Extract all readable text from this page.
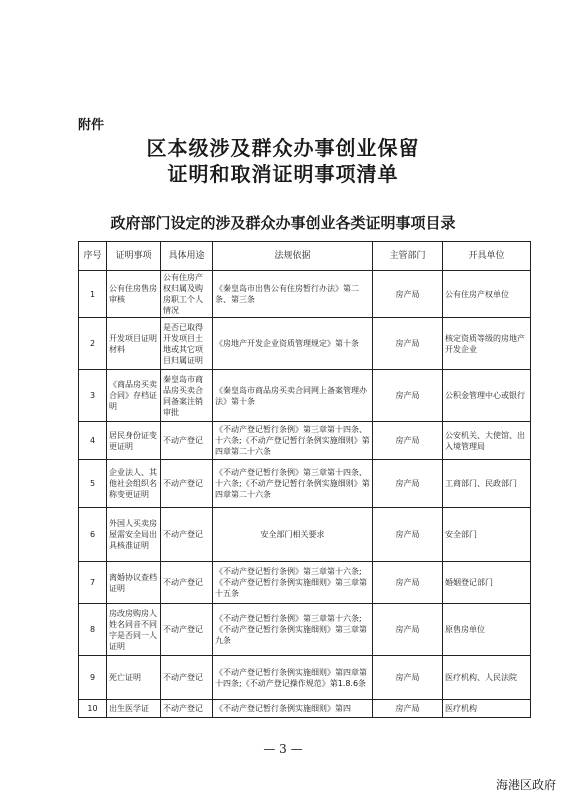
附件
区本级涉及群众办事创业保留
证明和取消证明事项清单
政府部门设定的涉及群众办事创业各类证明事项目录
序号	证明事项	具体用途	法规依据	主管部门	开具单位
1	公有住房售房审核	公有住房产权归属及购房职工个人情况	《秦皇岛市出售公有住房暂行办法》第二条、第三条	房产局	公有住房产权单位
2	开发项目证明材料	是否已取得开发项目土地或其它项目归属证明	《房地产开发企业资质管理规定》第十条	房产局	核定资质等级的房地产开发企业
3	《商品房买卖合同》存档证明	秦皇岛市商品房买卖合同备案注销审批	《秦皇岛市商品房买卖合同网上备案管理办法》第十条	房产局	公积金管理中心或银行
4	居民身份证变更证明	不动产登记	《不动产登记暂行条例》第三章第十四条、十六条;《不动产登记暂行条例实施细则》第四章第二十六条	房产局	公安机关、大使馆、出入境管理局
5	企业法人、其他社会组织名称变更证明	不动产登记	《不动产登记暂行条例》第三章第十四条、十六条;《不动产登记暂行条例实施细则》第四章第二十六条	房产局	工商部门、民政部门
6	外国人买卖房屋需安全局出具核准证明	不动产登记	安全部门相关要求	房产局	安全部门
7	离婚协议查档证明	不动产登记	《不动产登记暂行条例》第三章第十六条;《不动产登记暂行条例实施细则》第三章第十五条	房产局	婚姻登记部门
8	房改房购房人姓名同音不同字是否同一人证明	不动产登记	《不动产登记暂行条例》第三章第十六条;《不动产登记暂行条例实施细则》第三章第九条	房产局	原售房单位
9	死亡证明	不动产登记	《不动产登记暂行条例实施细则》第四章第十四条;《不动产登记操作规范》第1.8.6条	房产局	医疗机构、人民法院
10	出生医学证	不动产登记	《不动产登记暂行条例实施细则》第四	房产局	医疗机构
— 3 —
海港区政府
